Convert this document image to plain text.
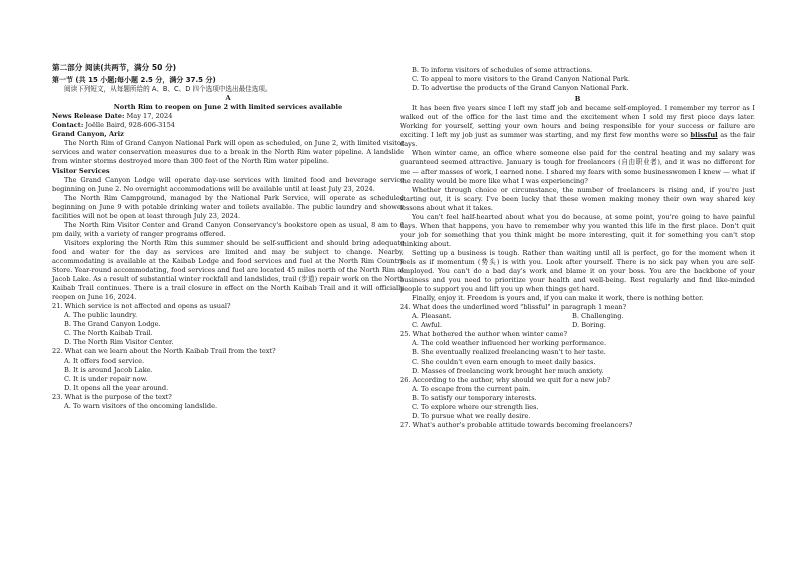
第二部分 阅读(共两节，满分 50 分)
第一节 (共 15 小题;每小题 2.5 分，满分 37.5 分)
阅读下列短文，从每题所给的 A、B、C、D 四个选项中选出最佳选项。
A
North Rim to reopen on June 2 with limited services available
News Release Date: May 17, 2024
Contact: Joëlle Baird, 928-606-3154
Grand Canyon, Ariz
The North Rim of Grand Canyon National Park will open as scheduled, on June 2, with limited visitor services and water conservation measures due to a break in the North Rim water pipeline. A landslide from winter storms destroyed more than 300 feet of the North Rim water pipeline.
Visitor Services
The Grand Canyon Lodge will operate day-use services with limited food and beverage service beginning on June 2. No overnight accommodations will be available until at least July 23, 2024.
The North Rim Campground, managed by the National Park Service, will operate as scheduled beginning on June 9 with potable drinking water and toilets available. The public laundry and shower facilities will not be open at least through July 23, 2024.
The North Rim Visitor Center and Grand Canyon Conservancy's bookstore open as usual, 8 am to 6 pm daily, with a variety of ranger programs offered.
Visitors exploring the North Rim this summer should be self-sufficient and should bring adequate food and water for the day as services are limited and may be subject to change. Nearby, accommodating is available at the Kaibab Lodge and food services and fuel at the North Rim Country Store. Year-round accommodating, food services and fuel are located 45 miles north of the North Rim at Jacob Lake. As a result of substantial winter rockfall and landslides, trail (步道) repair work on the North Kaibab Trail continues. There is a trail closure in effect on the North Kaibab Trail and it will officially reopen on June 16, 2024.
21. Which service is not affected and opens as usual?
A. The public laundry.
B. The Grand Canyon Lodge.
C. The North Kaibab Trail.
D. The North Rim Visitor Center.
22. What can we learn about the North Kaibab Trail from the text?
A. It offers food service.
B. It is around Jacob Lake.
C. It is under repair now.
D. It opens all the year around.
23. What is the purpose of the text?
A. To warn visitors of the oncoming landslide.
B. To inform visitors of schedules of some attractions.
C. To appeal to more visitors to the Grand Canyon National Park.
D. To advertise the products of the Grand Canyon National Park.
B
It has been five years since I left my staff job and became self-employed. I remember my terror as I walked out of the office for the last time and the excitement when I sold my first piece days later. Working for yourself, setting your own hours and being responsible for your success or failure are exciting. I left my job just as summer was starting, and my first few months were so blissful as the fair days.
When winter came, an office where someone else paid for the central heating and my salary was guaranteed seemed attractive. January is tough for freelancers (自由职业者), and it was no different for me — after masses of work, I earned none. I shared my fears with some businesswomen I knew — what if the reality would be more like what I was experiencing?
Whether through choice or circumstance, the number of freelancers is rising and, if you're just starting out, it is scary. I've been lucky that these women making money their own way shared key lessons about what it takes.
You can't feel half-hearted about what you do because, at some point, you're going to have painful days. When that happens, you have to remember why you wanted this life in the first place. Don't quit your job for something that you think might be more interesting, quit it for something you can't stop thinking about.
Setting up a business is tough. Rather than waiting until all is perfect, go for the moment when it feels as if momentum (势头) is with you. Look after yourself. There is no sick pay when you are self-employed. You can't do a bad day's work and blame it on your boss. You are the backbone of your business and you need to prioritize your health and well-being. Rest regularly and find like-minded people to support you and lift you up when things get hard.
Finally, enjoy it. Freedom is yours and, if you can make it work, there is nothing better.
24. What does the underlined word "blissful" in paragraph 1 mean?
A. Pleasant.	B. Challenging.
C. Awful.	D. Boring.
25. What bothered the author when winter came?
A. The cold weather influenced her working performance.
B. She eventually realized freelancing wasn't to her taste.
C. She couldn't even earn enough to meet daily basics.
D. Masses of freelancing work brought her much anxiety.
26. According to the author, why should we quit for a new job?
A. To escape from the current pain.
B. To satisfy our temporary interests.
C. To explore where our strength lies.
D. To pursue what we really desire.
27. What's author's probable attitude towards becoming freelancers?
